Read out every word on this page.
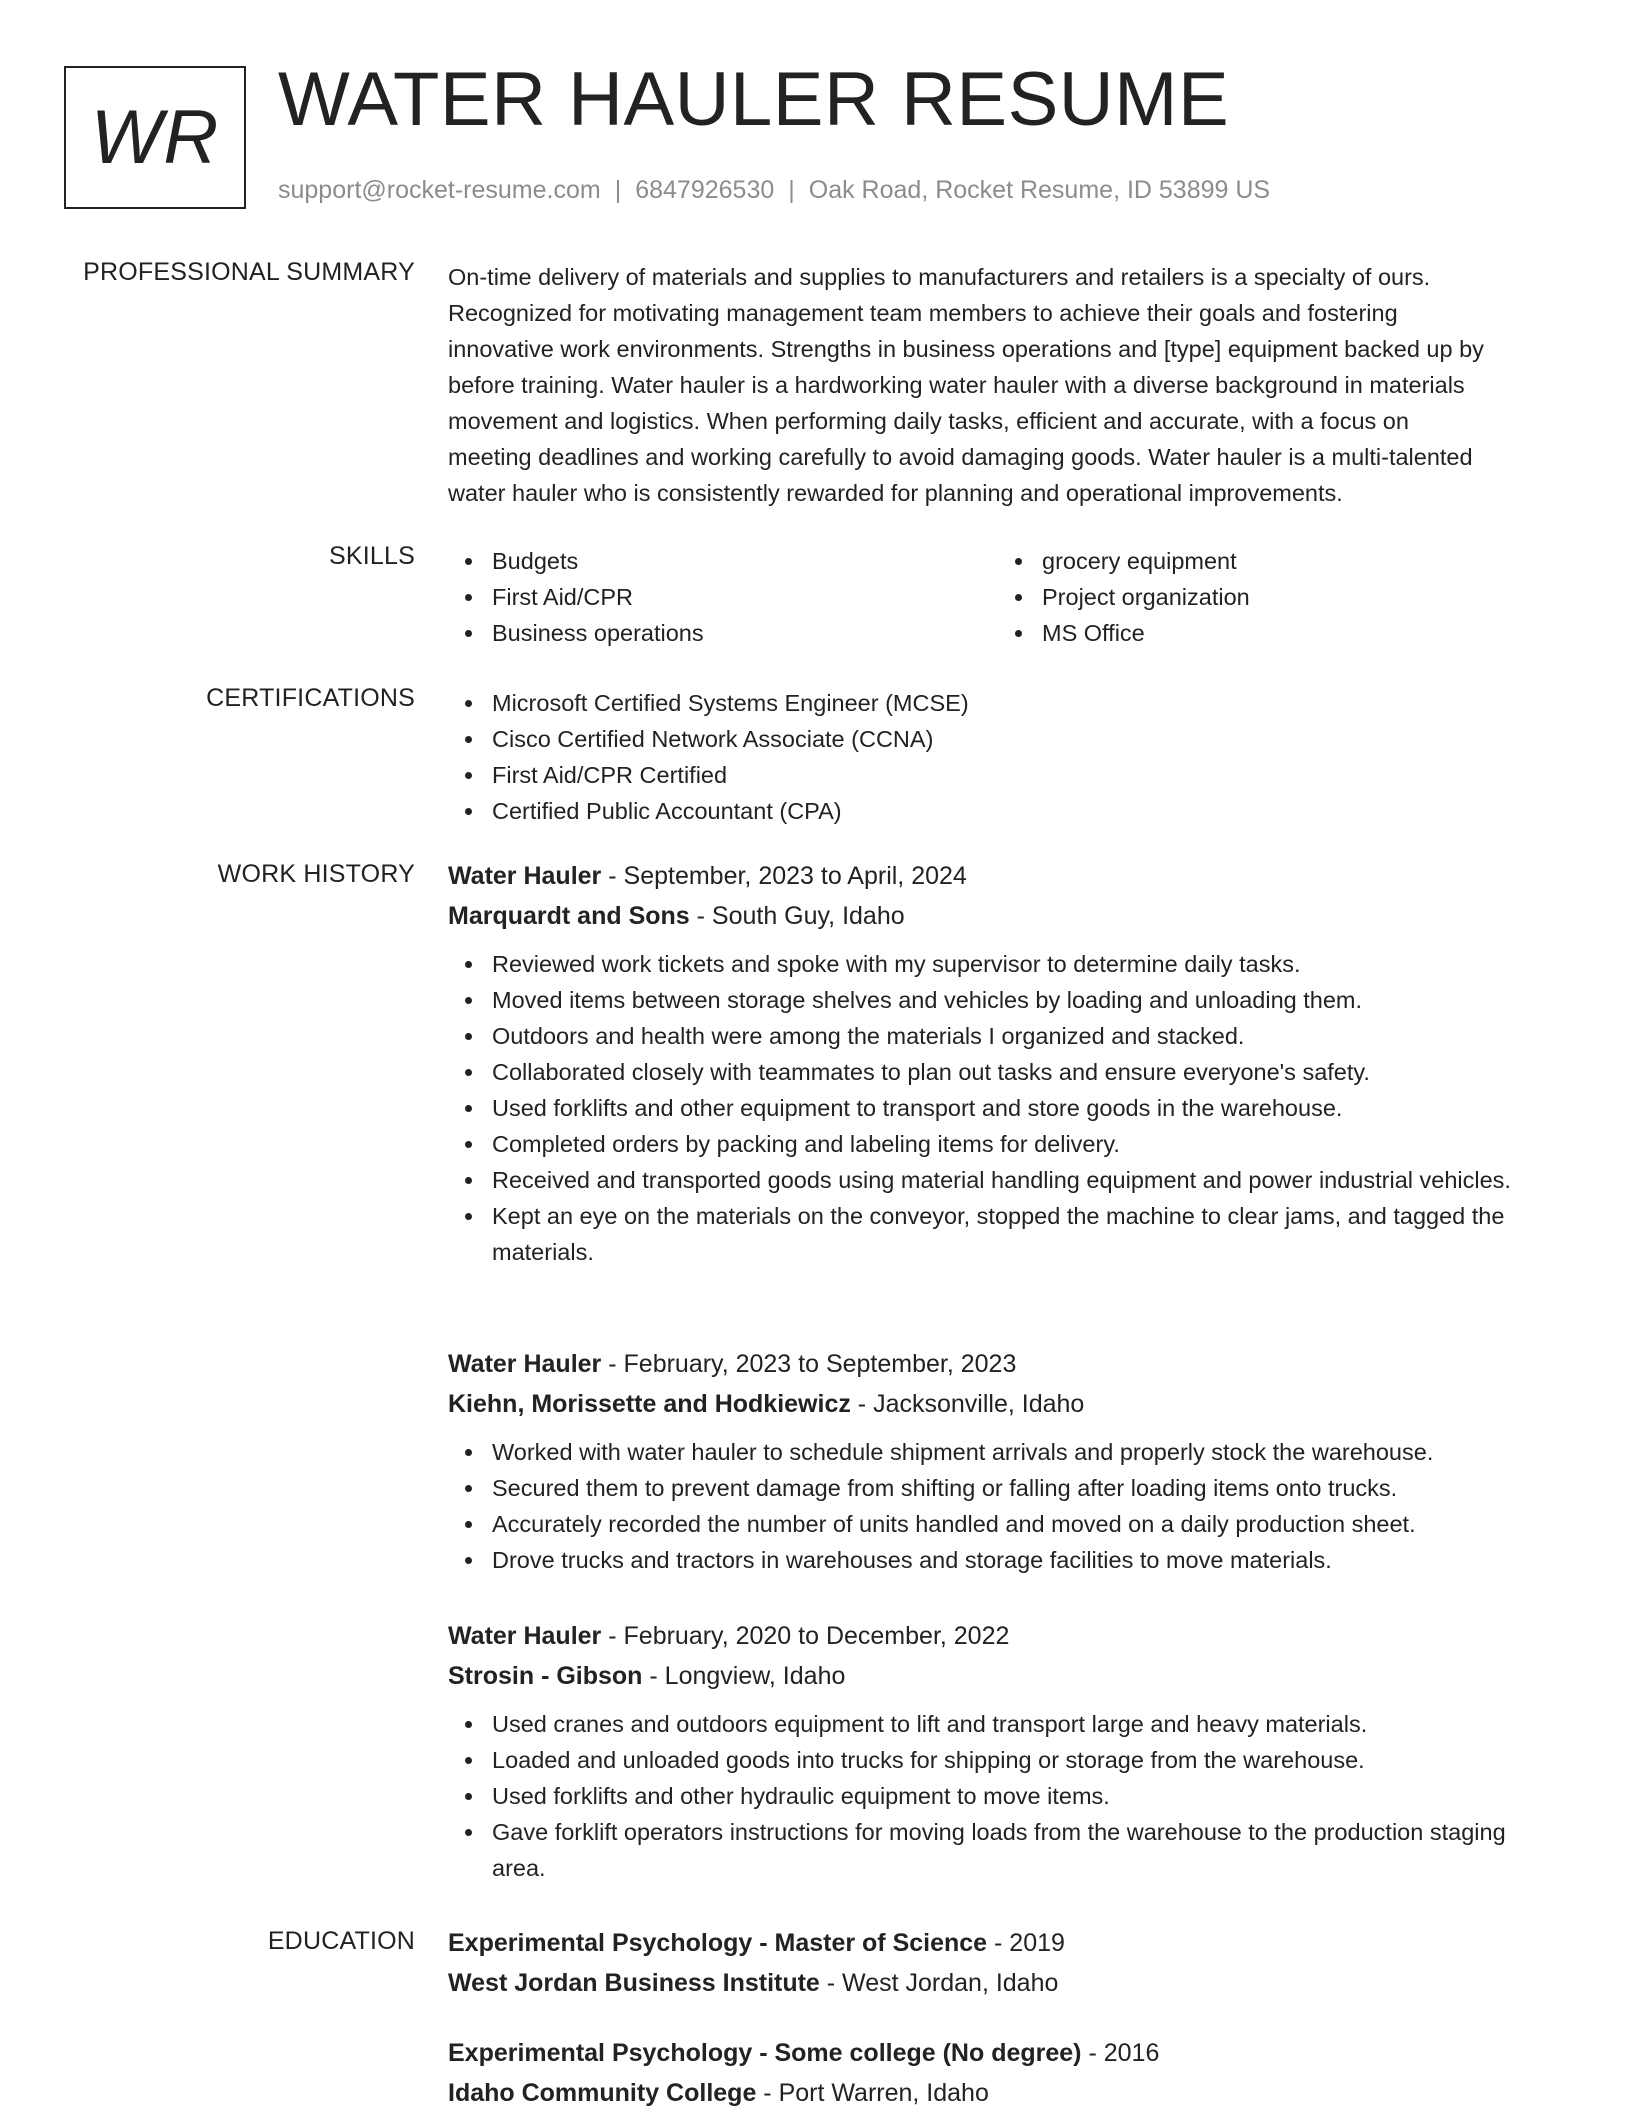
WR WATER HAULER RESUME
support@rocket-resume.com | 6847926530 | Oak Road, Rocket Resume, ID 53899 US
PROFESSIONAL SUMMARY On-time delivery of materials and supplies to manufacturers and retailers is a specialty of ours.
Recognized for motivating management team members to achieve their goals and fostering
innovative work environments. Strengths in business operations and [type] equipment backed up by
before training. Water hauler is a hardworking water hauler with a diverse background in materials
movement and logistics. When performing daily tasks, efficient and accurate, with a focus on
meeting deadlines and working carefully to avoid damaging goods. Water hauler is a multi-talented
water hauler who is consistently rewarded for planning and operational improvements.
SKILLS	Budgets
First Aid/CPR
Business operations
grocery equipment
Project organization
MS Office
CERTIFICATIONS	Microsoft Certified Systems Engineer (MCSE)
Cisco Certified Network Associate (CCNA)
First Aid/CPR Certified
Certified Public Accountant (CPA)
WORK HISTORY Water Hauler - September, 2023 to April, 2024
Marquardt and Sons - South Guy, Idaho
Reviewed work tickets and spoke with my supervisor to determine daily tasks.
Moved items between storage shelves and vehicles by loading and unloading them.
Outdoors and health were among the materials I organized and stacked.
Collaborated closely with teammates to plan out tasks and ensure everyone's safety.
Used forklifts and other equipment to transport and store goods in the warehouse.
Completed orders by packing and labeling items for delivery.
Received and transported goods using material handling equipment and power industrial vehicles.
Kept an eye on the materials on the conveyor, stopped the machine to clear jams, and tagged the materials.
Water Hauler - February, 2023 to September, 2023
Kiehn, Morissette and Hodkiewicz - Jacksonville, Idaho
Worked with water hauler to schedule shipment arrivals and properly stock the warehouse.
Secured them to prevent damage from shifting or falling after loading items onto trucks.
Accurately recorded the number of units handled and moved on a daily production sheet.
Drove trucks and tractors in warehouses and storage facilities to move materials.
Water Hauler - February, 2020 to December, 2022
Strosin - Gibson - Longview, Idaho
Used cranes and outdoors equipment to lift and transport large and heavy materials.
Loaded and unloaded goods into trucks for shipping or storage from the warehouse.
Used forklifts and other hydraulic equipment to move items.
Gave forklift operators instructions for moving loads from the warehouse to the production staging area.
EDUCATION Experimental Psychology - Master of Science - 2019
West Jordan Business Institute - West Jordan, Idaho
Experimental Psychology - Some college (No degree) - 2016
Idaho Community College - Port Warren, Idaho
